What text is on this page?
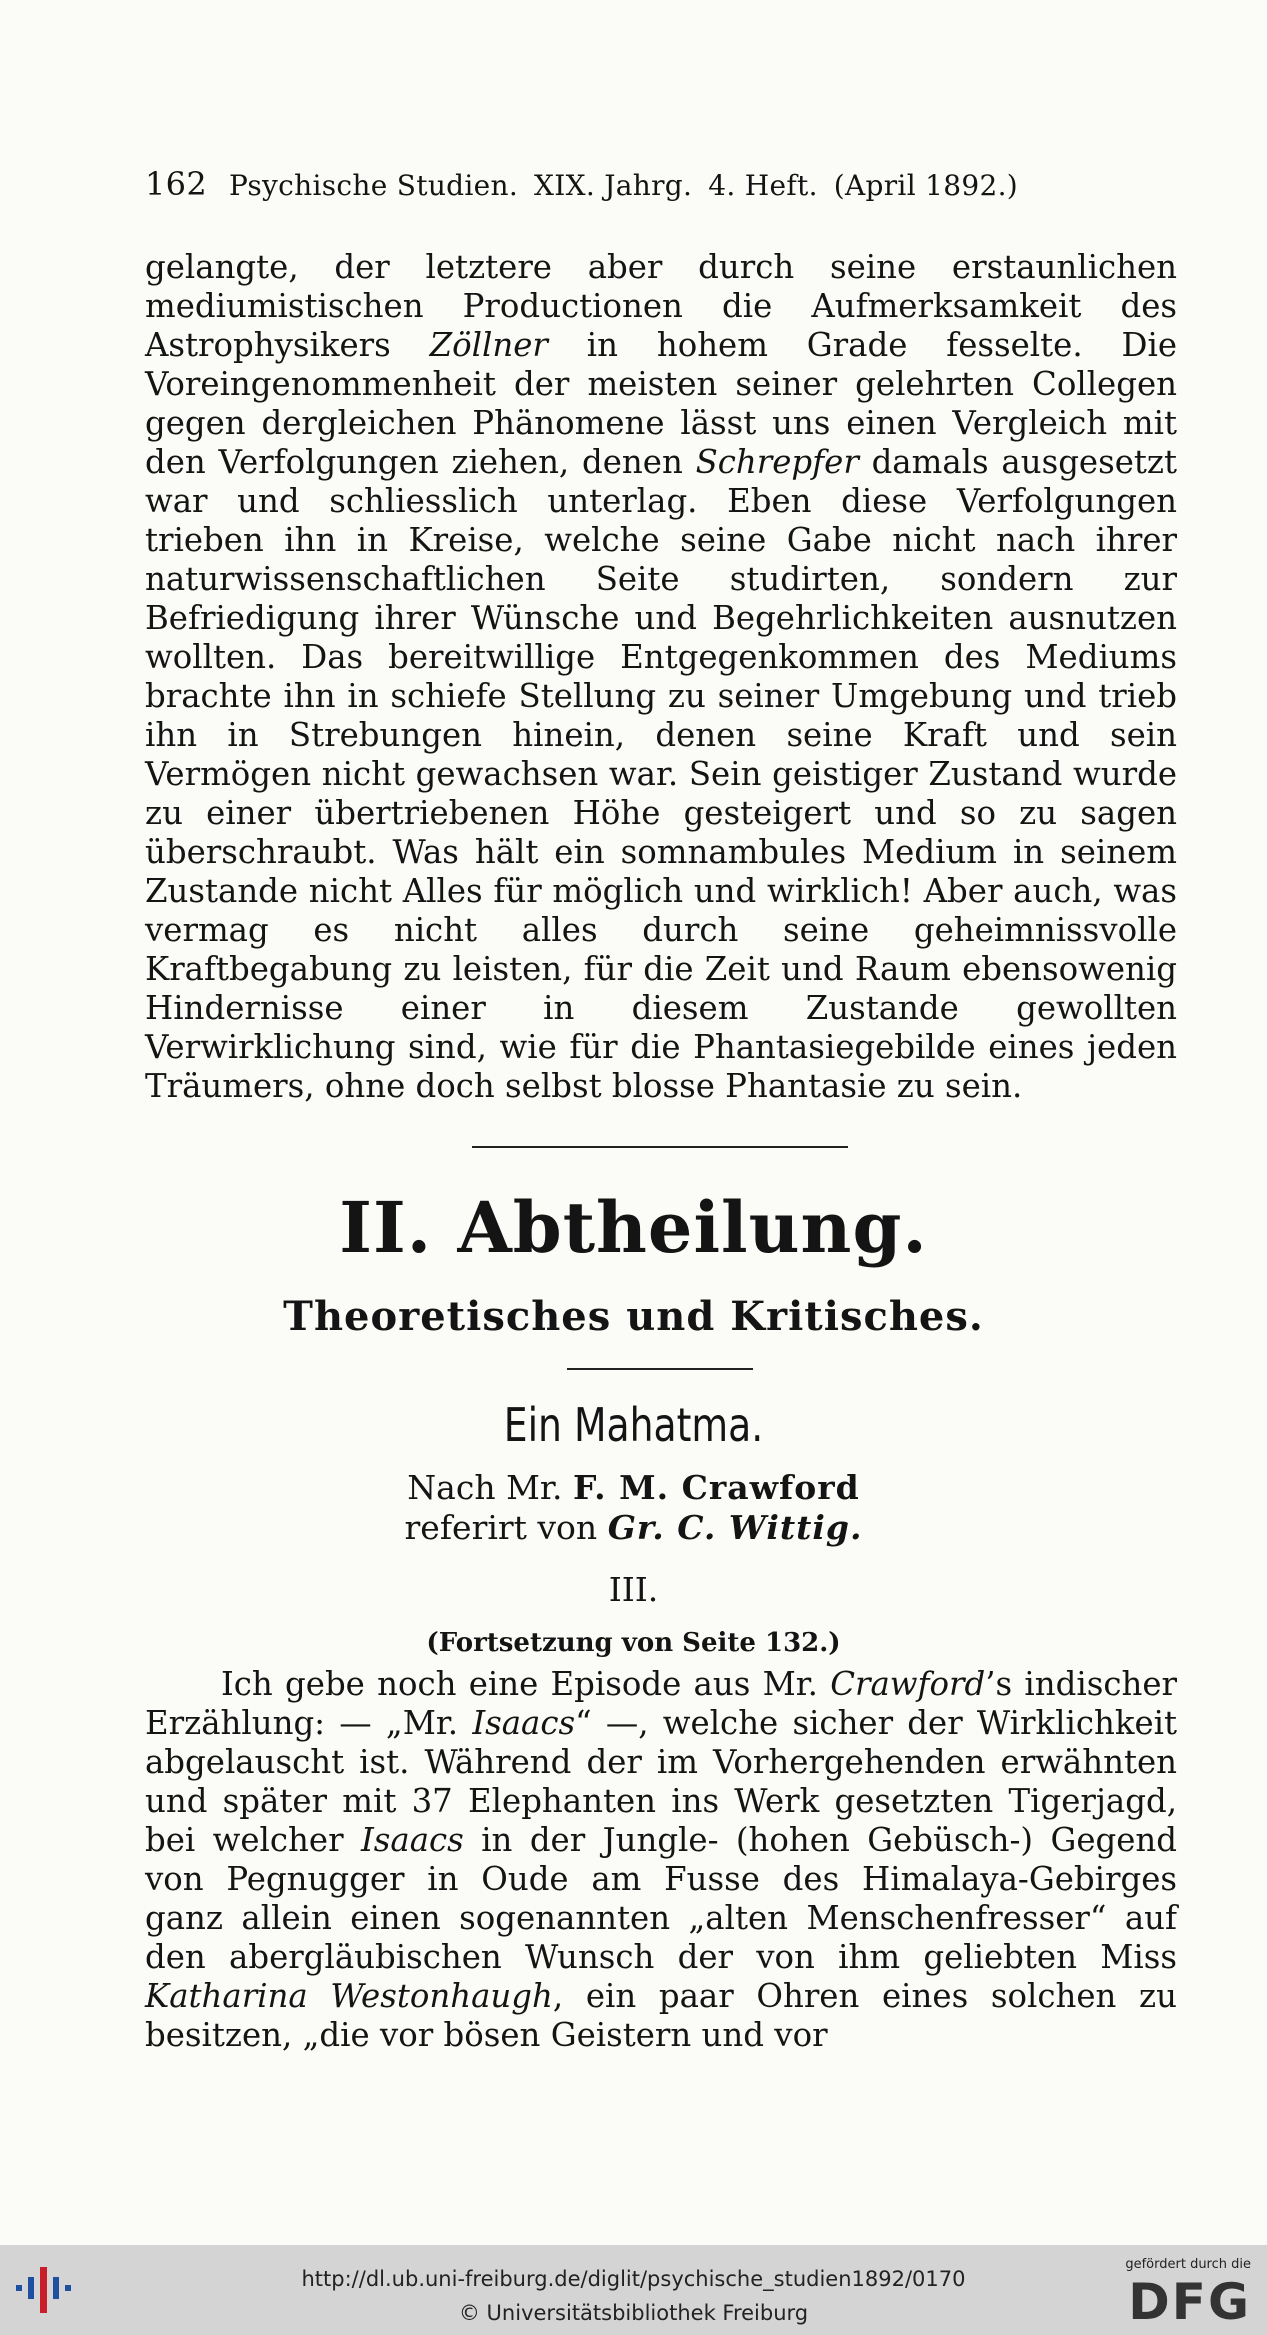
162 Psychische Studien. XIX. Jahrg. 4. Heft. (April 1892.)

gelangte, der letztere aber durch seine erstaunlichen mediumistischen Productionen die Aufmerksamkeit des Astrophysikers Zöllner in hohem Grade fesselte. Die Voreingenommenheit der meisten seiner gelehrten Collegen gegen dergleichen Phänomene lässt uns einen Vergleich mit den Verfolgungen ziehen, denen Schrepfer damals ausgesetzt war und schliesslich unterlag. Eben diese Verfolgungen trieben ihn in Kreise, welche seine Gabe nicht nach ihrer naturwissenschaftlichen Seite studirten, sondern zur Befriedigung ihrer Wünsche und Begehrlichkeiten ausnutzen wollten. Das bereitwillige Entgegenkommen des Mediums brachte ihn in schiefe Stellung zu seiner Umgebung und trieb ihn in Strebungen hinein, denen seine Kraft und sein Vermögen nicht gewachsen war. Sein geistiger Zustand wurde zu einer übertriebenen Höhe gesteigert und so zu sagen überschraubt. Was hält ein somnambules Medium in seinem Zustande nicht Alles für möglich und wirklich! Aber auch, was vermag es nicht alles durch seine geheimnissvolle Kraftbegabung zu leisten, für die Zeit und Raum ebensowenig Hindernisse einer in diesem Zustande gewollten Verwirklichung sind, wie für die Phantasiegebilde eines jeden Träumers, ohne doch selbst blosse Phantasie zu sein.

II. Abtheilung.
Theoretisches und Kritisches.
Ein Mahatma.
Nach Mr. F. M. Crawford
referirt von Gr. C. Wittig.
III.
(Fortsetzung von Seite 132.)

Ich gebe noch eine Episode aus Mr. Crawford’s indischer Erzählung: — „Mr. Isaacs“ —, welche sicher der Wirklichkeit abgelauscht ist. Während der im Vorhergehenden erwähnten und später mit 37 Elephanten ins Werk gesetzten Tigerjagd, bei welcher Isaacs in der Jungle- (hohen Gebüsch-) Gegend von Pegnugger in Oude am Fusse des Himalaya-Gebirges ganz allein einen sogenannten „alten Menschenfresser“ auf den abergläubischen Wunsch der von ihm geliebten Miss Katharina Westonhaugh, ein paar Ohren eines solchen zu besitzen, „die vor bösen Geistern und vor

http://dl.ub.uni-freiburg.de/diglit/psychische_studien1892/0170
© Universitätsbibliothek Freiburg
gefördert durch die
DFG
